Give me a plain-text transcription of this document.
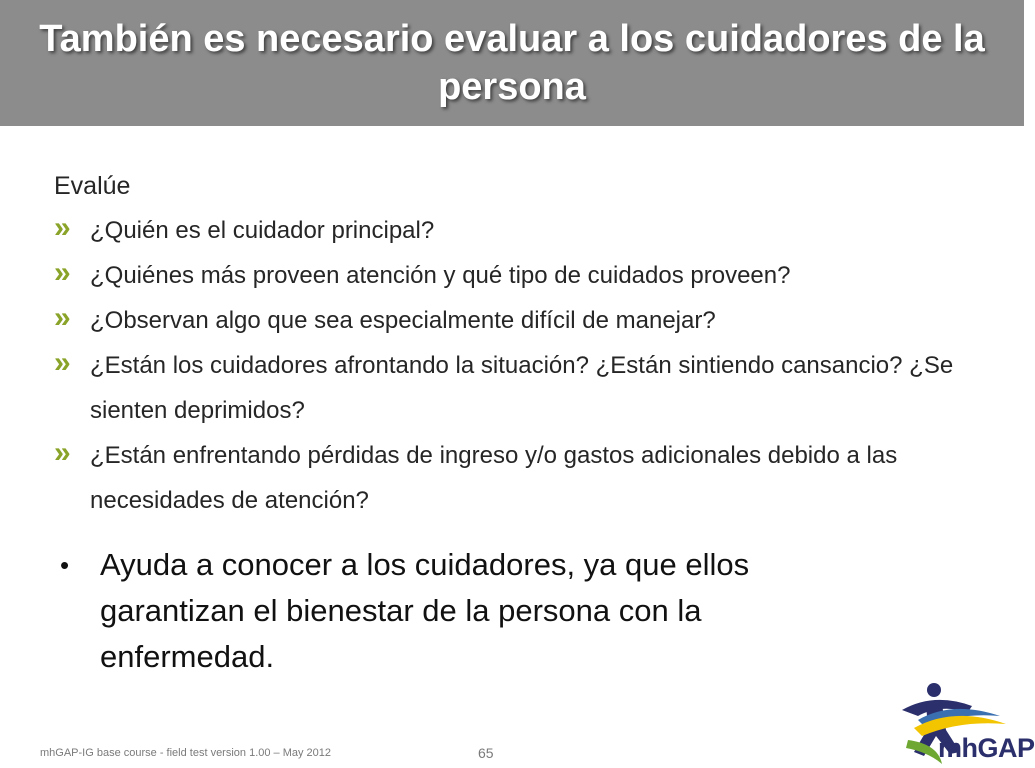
También es necesario evaluar a los cuidadores de la persona
Evalúe
» ¿Quién es el cuidador principal?
» ¿Quiénes más proveen atención y qué tipo de cuidados proveen?
» ¿Observan algo que sea especialmente difícil de manejar?
» ¿Están los cuidadores afrontando la situación? ¿Están sintiendo cansancio? ¿Se sienten deprimidos?
» ¿Están enfrentando pérdidas de ingreso y/o gastos adicionales debido a las necesidades de atención?
• Ayuda a conocer a los cuidadores, ya que ellos garantizan el bienestar de la persona con la enfermedad.
mhGAP-IG base course - field test version 1.00 – May 2012	65	mhGAP
